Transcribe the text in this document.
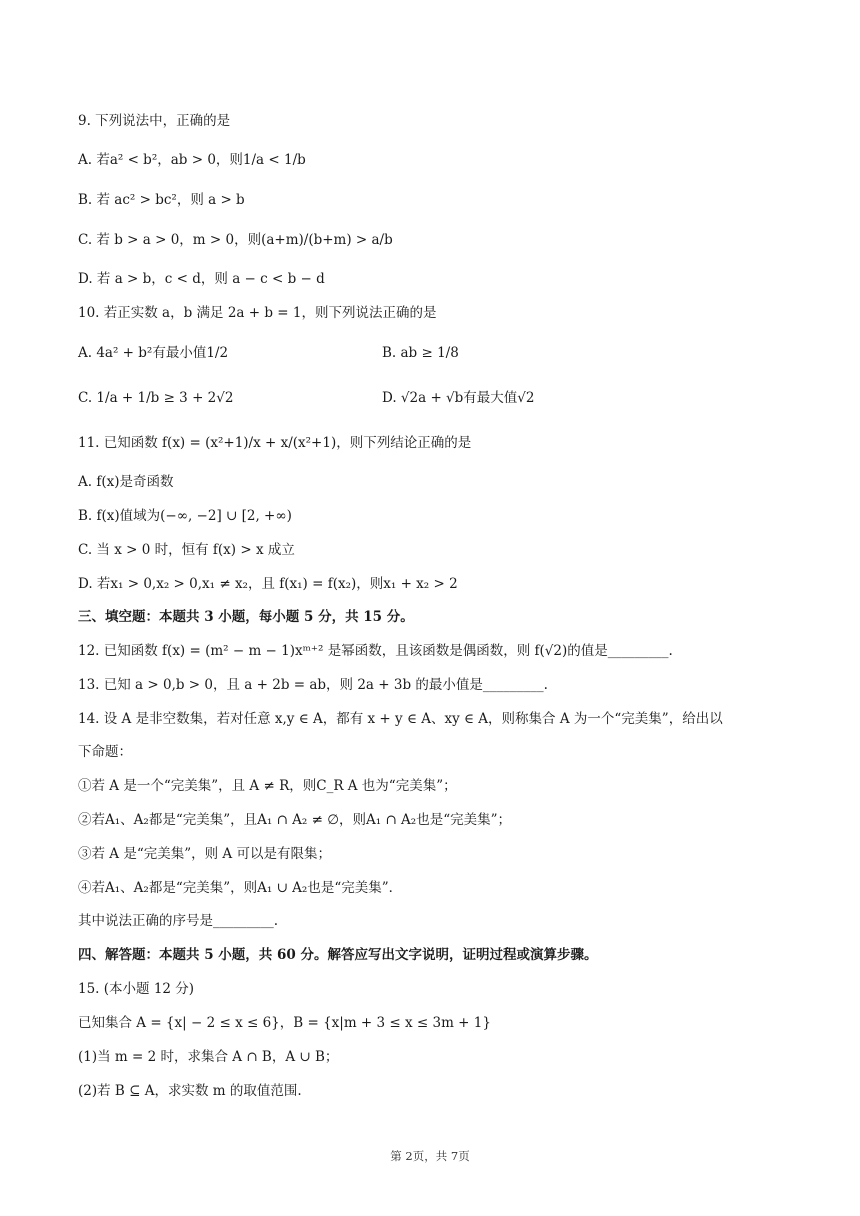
9. 下列说法中，正确的是
A. 若a² < b²，ab > 0，则1/a < 1/b
B. 若 ac² > bc²，则 a > b
C. 若 b > a > 0，m > 0，则(a+m)/(b+m) > a/b
D. 若 a > b，c < d，则 a − c < b − d
10. 若正实数 a，b 满足 2a + b = 1，则下列说法正确的是
A. 4a² + b²有最小值1/2	B. ab ≥ 1/8
C. 1/a + 1/b ≥ 3 + 2√2	D. √2a + √b有最大值√2
11. 已知函数 f(x) = (x²+1)/x + x/(x²+1)，则下列结论正确的是
A. f(x)是奇函数
B. f(x)值域为(−∞, −2] ∪ [2, +∞)
C. 当 x > 0 时，恒有 f(x) > x 成立
D. 若x₁ > 0,x₂ > 0,x₁ ≠ x₂，且 f(x₁) = f(x₂)，则x₁ + x₂ > 2
三、填空题：本题共 3 小题，每小题 5 分，共 15 分。
12. 已知函数 f(x) = (m² − m − 1)xᵐ⁺² 是幂函数，且该函数是偶函数，则 f(√2)的值是_________.
13. 已知 a > 0,b > 0，且 a + 2b = ab，则 2a + 3b 的最小值是_________.
14. 设 A 是非空数集，若对任意 x,y ∈ A，都有 x + y ∈ A、xy ∈ A，则称集合 A 为一个“完美集”，给出以
下命题：
①若 A 是一个“完美集”，且 A ≠ R，则C_R A 也为“完美集”；
②若A₁、A₂都是“完美集”，且A₁ ∩ A₂ ≠ ∅，则A₁ ∩ A₂也是“完美集”；
③若 A 是“完美集”，则 A 可以是有限集；
④若A₁、A₂都是“完美集”，则A₁ ∪ A₂也是“完美集”．
其中说法正确的序号是_________.
四、解答题：本题共 5 小题，共 60 分。解答应写出文字说明，证明过程或演算步骤。
15. (本小题 12 分)
已知集合 A = {x| − 2 ≤ x ≤ 6}，B = {x|m + 3 ≤ x ≤ 3m + 1}
(1)当 m = 2 时，求集合 A ∩ B，A ∪ B；
(2)若 B ⊆ A，求实数 m 的取值范围.
第 2页，共 7页
